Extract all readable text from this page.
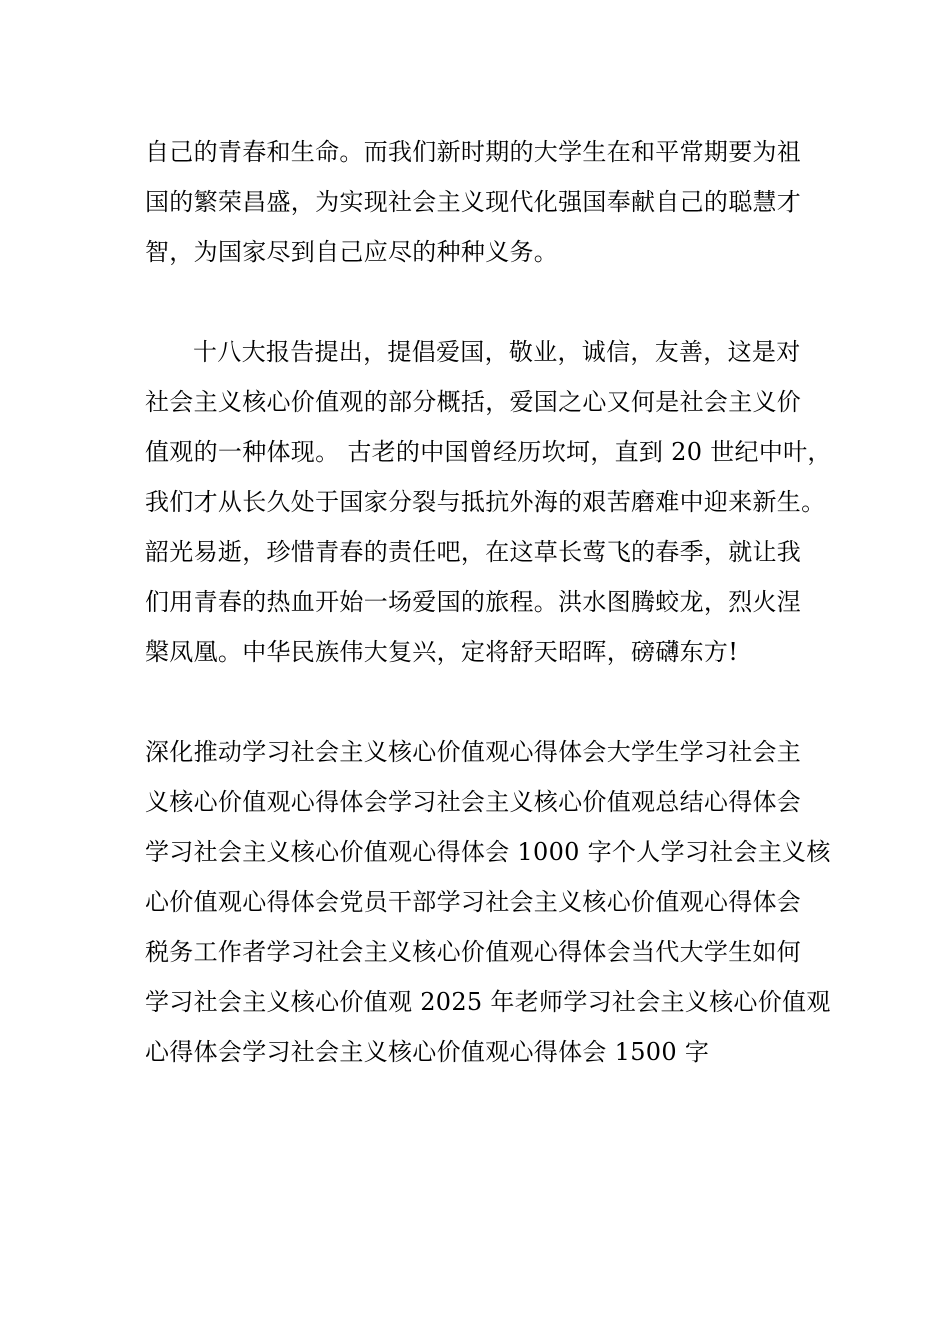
自己的青春和生命。而我们新时期的大学生在和平常期要为祖
国的繁荣昌盛，为实现社会主义现代化强国奉献自己的聪慧才
智，为国家尽到自己应尽的种种义务。
十八大报告提出，提倡爱国，敬业，诚信，友善，这是对
社会主义核心价值观的部分概括，爱国之心又何是社会主义价
值观的一种体现。 古老的中国曾经历坎坷，直到 20 世纪中叶，
我们才从长久处于国家分裂与抵抗外海的艰苦磨难中迎来新生。
韶光易逝，珍惜青春的责任吧，在这草长莺飞的春季，就让我
们用青春的热血开始一场爱国的旅程。洪水图腾蛟龙，烈火涅
槃凤凰。中华民族伟大复兴，定将舒天昭晖，磅礴东方!
深化推动学习社会主义核心价值观心得体会大学生学习社会主
义核心价值观心得体会学习社会主义核心价值观总结心得体会
学习社会主义核心价值观心得体会 1000 字个人学习社会主义核
心价值观心得体会党员干部学习社会主义核心价值观心得体会
税务工作者学习社会主义核心价值观心得体会当代大学生如何
学习社会主义核心价值观 2025 年老师学习社会主义核心价值观
心得体会学习社会主义核心价值观心得体会 1500 字
